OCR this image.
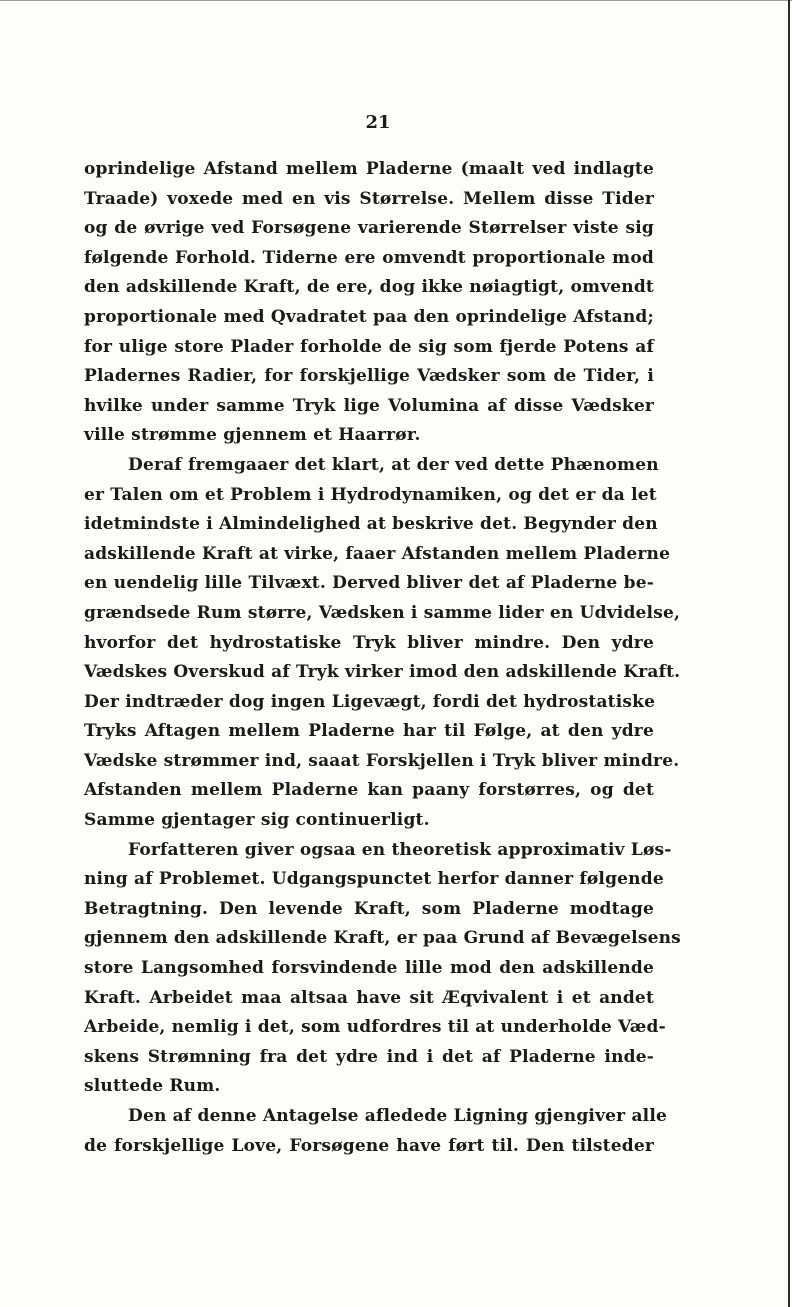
21
oprindelige Afstand mellem Pladerne (maalt ved indlagte
Traade) voxede med en vis Størrelse. Mellem disse Tider
og de øvrige ved Forsøgene varierende Størrelser viste sig
følgende Forhold. Tiderne ere omvendt proportionale mod
den adskillende Kraft, de ere, dog ikke nøiagtigt, omvendt
proportionale med Qvadratet paa den oprindelige Afstand;
for ulige store Plader forholde de sig som fjerde Potens af
Pladernes Radier, for forskjellige Vædsker som de Tider, i
hvilke under samme Tryk lige Volumina af disse Vædsker
ville strømme gjennem et Haarrør.
Deraf fremgaaer det klart, at der ved dette Phænomen
er Talen om et Problem i Hydrodynamiken, og det er da let
idetmindste i Almindelighed at beskrive det. Begynder den
adskillende Kraft at virke, faaer Afstanden mellem Pladerne
en uendelig lille Tilvæxt. Derved bliver det af Pladerne be-
grændsede Rum større, Vædsken i samme lider en Udvidelse,
hvorfor det hydrostatiske Tryk bliver mindre. Den ydre
Vædskes Overskud af Tryk virker imod den adskillende Kraft.
Der indtræder dog ingen Ligevægt, fordi det hydrostatiske
Tryks Aftagen mellem Pladerne har til Følge, at den ydre
Vædske strømmer ind, saaat Forskjellen i Tryk bliver mindre.
Afstanden mellem Pladerne kan paany forstørres, og det
Samme gjentager sig continuerligt.
Forfatteren giver ogsaa en theoretisk approximativ Løs-
ning af Problemet. Udgangspunctet herfor danner følgende
Betragtning. Den levende Kraft, som Pladerne modtage
gjennem den adskillende Kraft, er paa Grund af Bevægelsens
store Langsomhed forsvindende lille mod den adskillende
Kraft. Arbeidet maa altsaa have sit Æqvivalent i et andet
Arbeide, nemlig i det, som udfordres til at underholde Væd-
skens Strømning fra det ydre ind i det af Pladerne inde-
sluttede Rum.
Den af denne Antagelse afledede Ligning gjengiver alle
de forskjellige Love, Forsøgene have ført til. Den tilsteder
